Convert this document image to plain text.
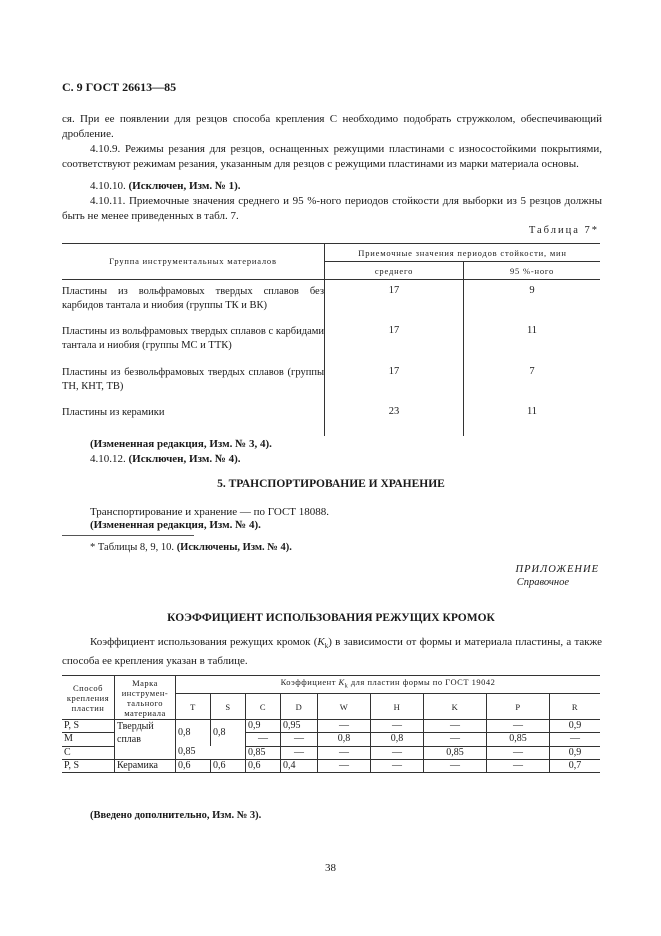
С. 9 ГОСТ 26613—85
ся. При ее появлении для резцов способа крепления С необходимо подобрать стружколом, обеспечивающий дробление.
4.10.9. Режимы резания для резцов, оснащенных режущими пластинами с износостойкими покрытиями, соответствуют режимам резания, указанным для резцов с режущими пластинами из марки материала основы.
4.10.10. (Исключен, Изм. № 1).
4.10.11. Приемочные значения среднего и 95 %-ного периодов стойкости для выборки из 5 резцов должны быть не менее приведенных в табл. 7.
Таблица 7*
Группа инструментальных материалов	Приемочные значения периодов стойкости, мин	
	среднего	95 %-ного
Пластины из вольфрамовых твердых сплавов без карбидов тантала и ниобия (группы ТК и ВК)	17	9
Пластины из вольфрамовых твердых сплавов с карбидами тантала и ниобия (группы МС и ТТК)	17	11
Пластины из безвольфрамовых твердых сплавов (группы ТН, КНТ, ТВ)	17	7
Пластины из керамики	23	11
(Измененная редакция, Изм. № 3, 4).
4.10.12. (Исключен, Изм. № 4).
5. ТРАНСПОРТИРОВАНИЕ И ХРАНЕНИЕ
Транспортирование и хранение — по ГОСТ 18088.
(Измененная редакция, Изм. № 4).
* Таблицы 8, 9, 10. (Исключены, Изм. № 4).
ПРИЛОЖЕНИЕ
Справочное
КОЭФФИЦИЕНТ ИСПОЛЬЗОВАНИЯ РЕЖУЩИХ КРОМОК
Коэффициент использования режущих кромок $(K_k)$ в зависимости от формы и материала пластины, а также способа ее крепления указан в таблице.
Способ крепления пластин	Марка инструмен-тального материала	Коэффициент $K_k$ для пластин формы по ГОСТ 19042								
		T	S	C	D	W	H	K	P	R
P, S	Твердый сплав	0,8	0,8	0,9	0,95	—	—	—	—	0,9
M				—	—	0,8	0,8	—	0,85	—
C		0,85		0,85	—	—	—	0,85	—	0,9
P, S	Керамика	0,6	0,6	0,6	0,4	—	—	—	—	0,7
(Введено дополнительно, Изм. № 3).
38
